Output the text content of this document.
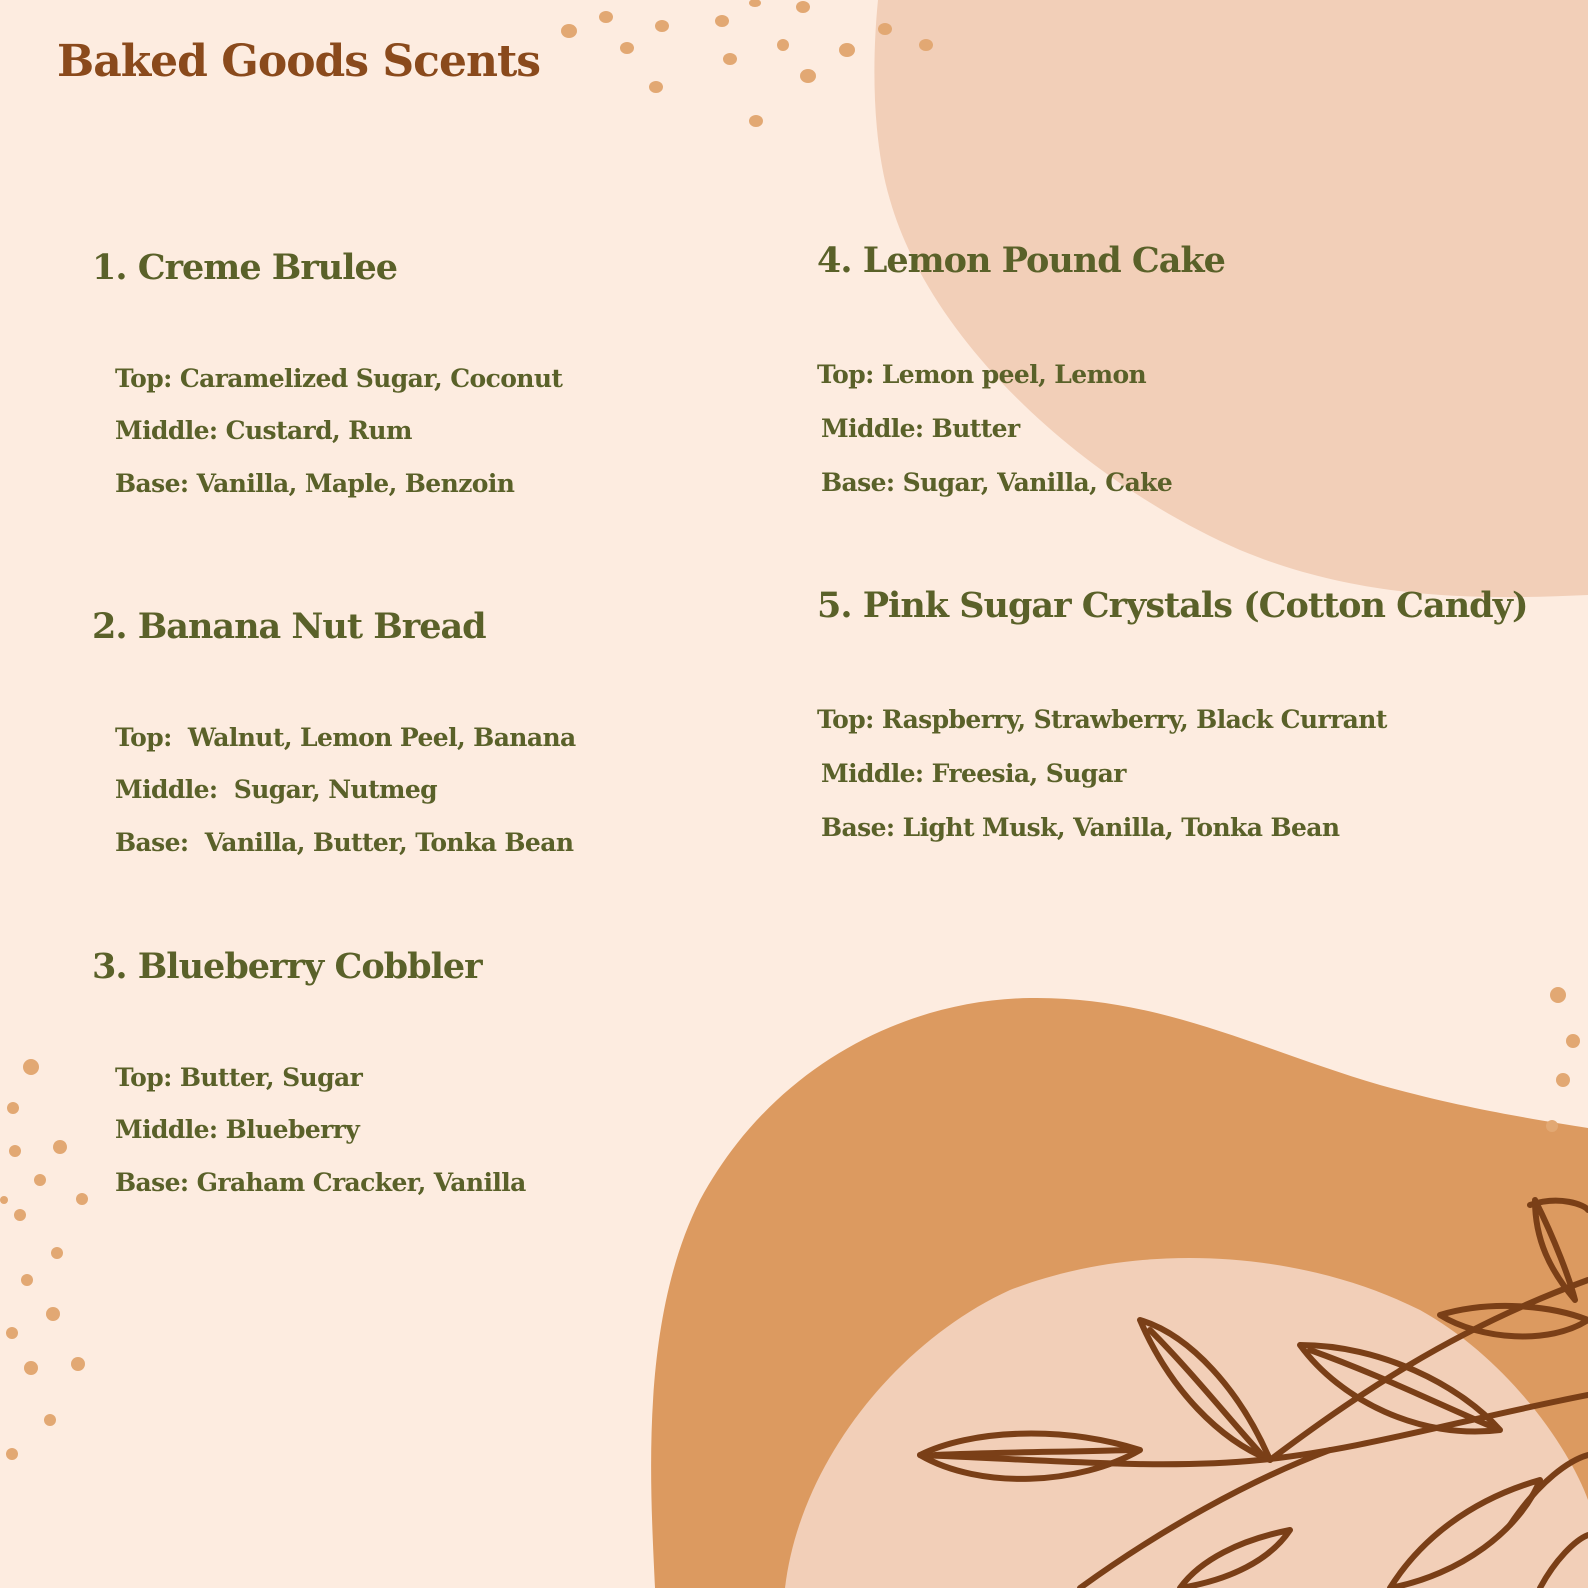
Baked Goods Scents
1. Creme Brulee
Top: Caramelized Sugar, Coconut
Middle: Custard, Rum
Base: Vanilla, Maple, Benzoin
2. Banana Nut Bread
Top:  Walnut, Lemon Peel, Banana
Middle:  Sugar, Nutmeg
Base:  Vanilla, Butter, Tonka Bean
3. Blueberry Cobbler
Top: Butter, Sugar
Middle: Blueberry
Base: Graham Cracker, Vanilla
4. Lemon Pound Cake
Top: Lemon peel, Lemon
Middle: Butter
Base: Sugar, Vanilla, Cake
5. Pink Sugar Crystals (Cotton Candy)
Top: Raspberry, Strawberry, Black Currant
Middle: Freesia, Sugar
Base: Light Musk, Vanilla, Tonka Bean
